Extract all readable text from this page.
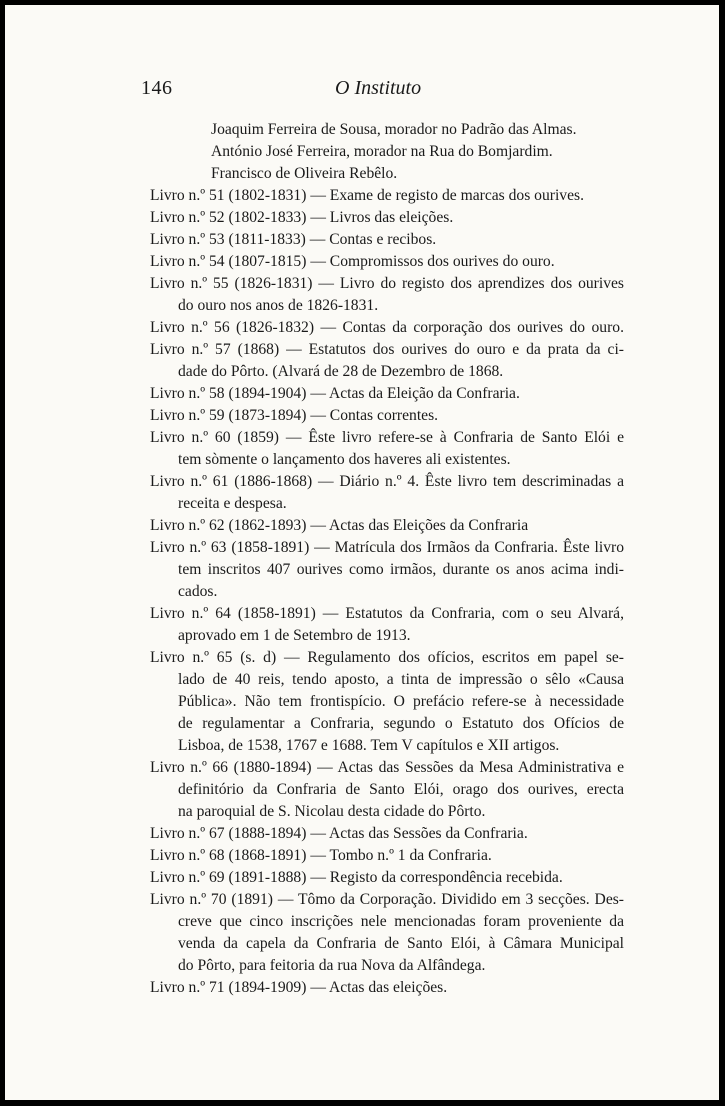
146	O Instituto
Joaquim Ferreira de Sousa, morador no Padrão das Almas.
António José Ferreira, morador na Rua do Bomjardim.
Francisco de Oliveira Rebêlo.
Livro n.º 51 (1802-1831) — Exame de registo de marcas dos ourives.
Livro n.º 52 (1802-1833) — Livros das eleições.
Livro n.º 53 (1811-1833) — Contas e recibos.
Livro n.º 54 (1807-1815) — Compromissos dos ourives do ouro.
Livro n.º 55 (1826-1831) — Livro do registo dos aprendizes dos ourives
do ouro nos anos de 1826-1831.
Livro n.º 56 (1826-1832) — Contas da corporação dos ourives do ouro.
Livro n.º 57 (1868) — Estatutos dos ourives do ouro e da prata da ci-
dade do Pôrto. (Alvará de 28 de Dezembro de 1868.
Livro n.º 58 (1894-1904) — Actas da Eleição da Confraria.
Livro n.º 59 (1873-1894) — Contas correntes.
Livro n.º 60 (1859) — Êste livro refere-se à Confraria de Santo Elói e
tem sòmente o lançamento dos haveres ali existentes.
Livro n.º 61 (1886-1868) — Diário n.º 4. Êste livro tem descriminadas a
receita e despesa.
Livro n.º 62 (1862-1893) — Actas das Eleições da Confraria
Livro n.º 63 (1858-1891) — Matrícula dos Irmãos da Confraria. Êste livro
tem inscritos 407 ourives como irmãos, durante os anos acima indi-
cados.
Livro n.º 64 (1858-1891) — Estatutos da Confraria, com o seu Alvará,
aprovado em 1 de Setembro de 1913.
Livro n.º 65 (s. d) — Regulamento dos ofícios, escritos em papel se-
lado de 40 reis, tendo aposto, a tinta de impressão o sêlo «Causa
Pública». Não tem frontispício. O prefácio refere-se à necessidade
de regulamentar a Confraria, segundo o Estatuto dos Ofícios de
Lisboa, de 1538, 1767 e 1688. Tem V capítulos e XII artigos.
Livro n.º 66 (1880-1894) — Actas das Sessões da Mesa Administrativa e
definitório da Confraria de Santo Elói, orago dos ourives, erecta
na paroquial de S. Nicolau desta cidade do Pôrto.
Livro n.º 67 (1888-1894) — Actas das Sessões da Confraria.
Livro n.º 68 (1868-1891) — Tombo n.º 1 da Confraria.
Livro n.º 69 (1891-1888) — Registo da correspondência recebida.
Livro n.º 70 (1891) — Tômo da Corporação. Dividido em 3 secções. Des-
creve que cinco inscrições nele mencionadas foram proveniente da
venda da capela da Confraria de Santo Elói, à Câmara Municipal
do Pôrto, para feitoria da rua Nova da Alfândega.
Livro n.º 71 (1894-1909) — Actas das eleições.
